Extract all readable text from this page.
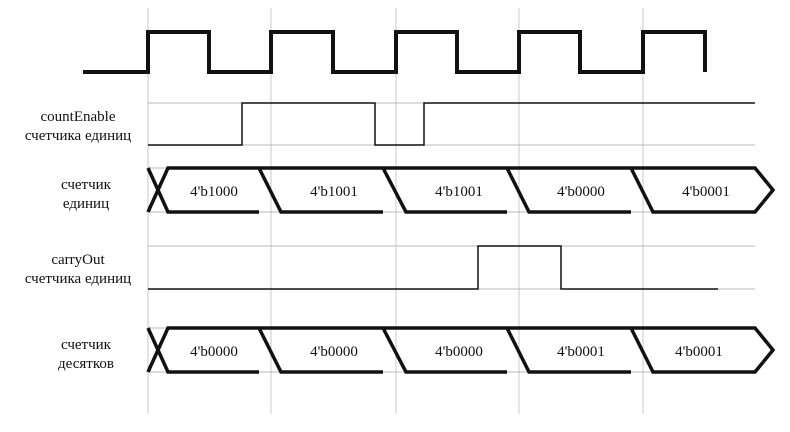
countEnable
счетчика единиц
счетчик
единиц
carryOut
счетчика единиц
счетчик
десятков
4'b1000	4'b1001	4'b1001	4'b0000	4'b0001
4'b0000	4'b0000	4'b0000	4'b0001	4'b0001
